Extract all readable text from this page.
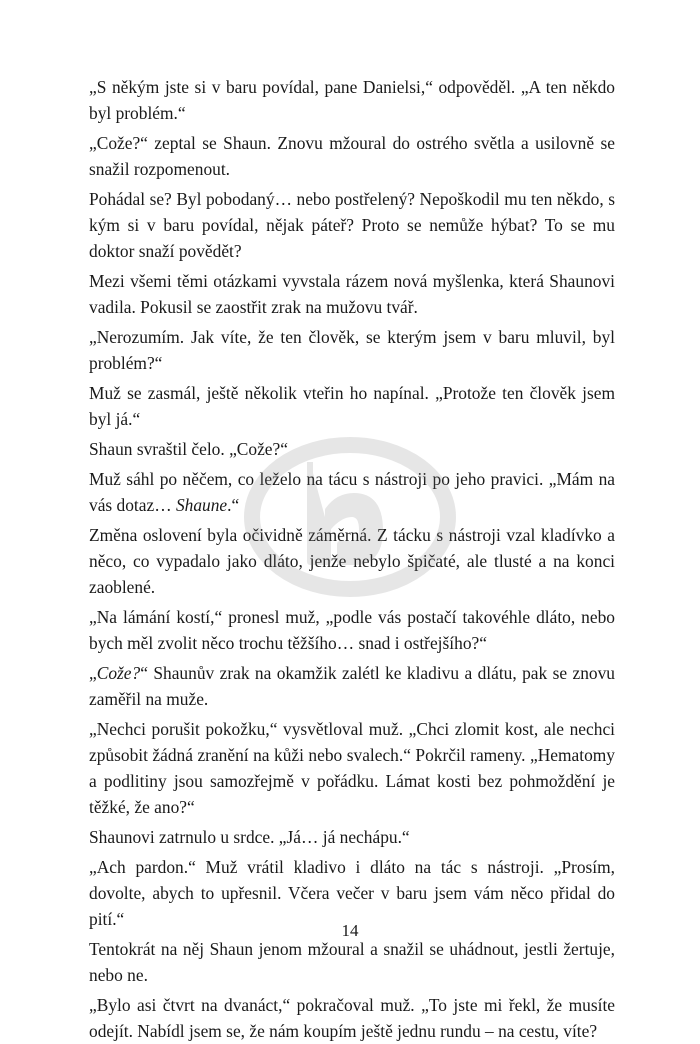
„S někým jste si v baru povídal, pane Danielsi,“ odpověděl. „A ten někdo byl problém.“

„Cože?“ zeptal se Shaun. Znovu mžoural do ostrého světla a usilovně se snažil rozpomenout.

Pohádal se? Byl pobodaný… nebo postřelený? Nepoškodil mu ten někdo, s kým si v baru povídal, nějak páteř? Proto se nemůže hýbat? To se mu doktor snaží povědět?

Mezi všemi těmi otázkami vyvstala rázem nová myšlenka, která Shaunovi vadila. Pokusil se zaostřit zrak na mužovu tvář.

„Nerozumím. Jak víte, že ten člověk, se kterým jsem v baru mluvil, byl problém?“

Muž se zasmál, ještě několik vteřin ho napínal. „Protože ten člověk jsem byl já.“

Shaun svraštil čelo. „Cože?“

Muž sáhl po něčem, co leželo na tácu s nástroji po jeho pravici. „Mám na vás dotaz… Shaune.“

Změna oslovení byla očividně záměrná. Z tácku s nástroji vzal kladívko a něco, co vypadalo jako dláto, jenže nebylo špičaté, ale tlusté a na konci zaoblené.

„Na lámání kostí,“ pronesl muž, „podle vás postačí takovéhle dláto, nebo bych měl zvolit něco trochu těžšího… snad i ostřejšího?“

„Cože?“ Shaunův zrak na okamžik zalétl ke kladivu a dlátu, pak se znovu zaměřil na muže.

„Nechci porušit pokožku,“ vysvětloval muž. „Chci zlomit kost, ale nechci způsobit žádná zranění na kůži nebo svalech.“ Pokrčil rameny. „Hematomy a podlitiny jsou samozřejmě v pořádku. Lámat kosti bez pohmoždění je těžké, že ano?“

Shaunovi zatrnulo u srdce. „Já… já nechápu.“

„Ach pardon.“ Muž vrátil kladivo i dláto na tác s nástroji. „Prosím, dovolte, abych to upřesnil. Včera večer v baru jsem vám něco přidal do pití.“

Tentokrát na něj Shaun jenom mžoural a snažil se uhádnout, jestli žertuje, nebo ne.

„Bylo asi čtvrt na dvanáct,“ pokračoval muž. „To jste mi řekl, že musíte odejít. Nabídl jsem se, že nám koupím ještě jednu rundu – na cestu, víte?

14
